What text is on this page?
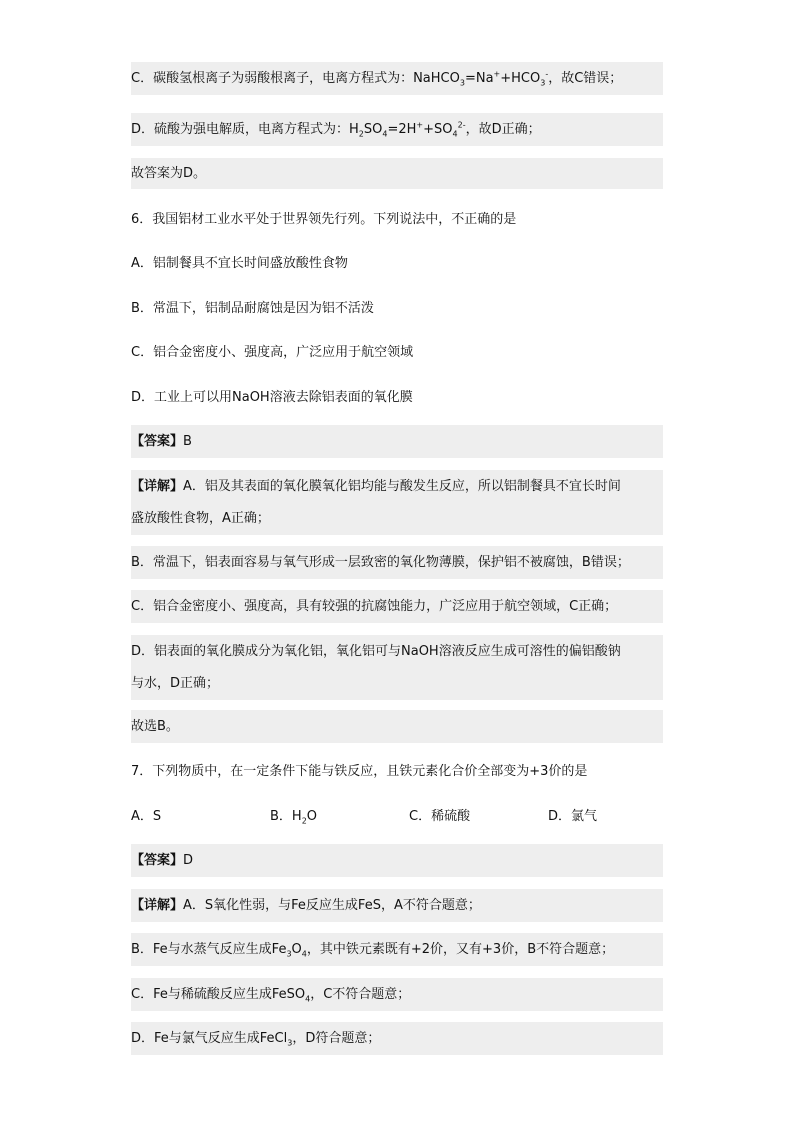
C．碳酸氢根离子为弱酸根离子，电离方程式为：$NaHCO_3=Na^++HCO_3^-$，故C错误；
D．硫酸为强电解质，电离方程式为：$H_2SO_4=2H^++SO_4^{2-}$，故D正确；
故答案为D。
6．我国铝材工业水平处于世界领先行列。下列说法中，不正确的是
A．铝制餐具不宜长时间盛放酸性食物
B．常温下，铝制品耐腐蚀是因为铝不活泼
C．铝合金密度小、强度高，广泛应用于航空领域
D．工业上可以用NaOH溶液去除铝表面的氧化膜
【答案】B
【详解】A．铝及其表面的氧化膜氧化铝均能与酸发生反应，所以铝制餐具不宜长时间
盛放酸性食物，A正确；
B．常温下，铝表面容易与氧气形成一层致密的氧化物薄膜，保护铝不被腐蚀，B错误；
C．铝合金密度小、强度高，具有较强的抗腐蚀能力，广泛应用于航空领域，C正确；
D．铝表面的氧化膜成分为氧化铝，氧化铝可与NaOH溶液反应生成可溶性的偏铝酸钠
与水，D正确；
故选B。
7．下列物质中，在一定条件下能与铁反应，且铁元素化合价全部变为+3价的是
A．S	B．$H_2O$	C．稀硫酸	D．氯气
【答案】D
【详解】A．S氧化性弱，与Fe反应生成FeS，A不符合题意；
B．Fe与水蒸气反应生成$Fe_3O_4$，其中铁元素既有+2价，又有+3价，B不符合题意；
C．Fe与稀硫酸反应生成FeSO$_4$，C不符合题意；
D．Fe与氯气反应生成FeCl$_3$，D符合题意；
